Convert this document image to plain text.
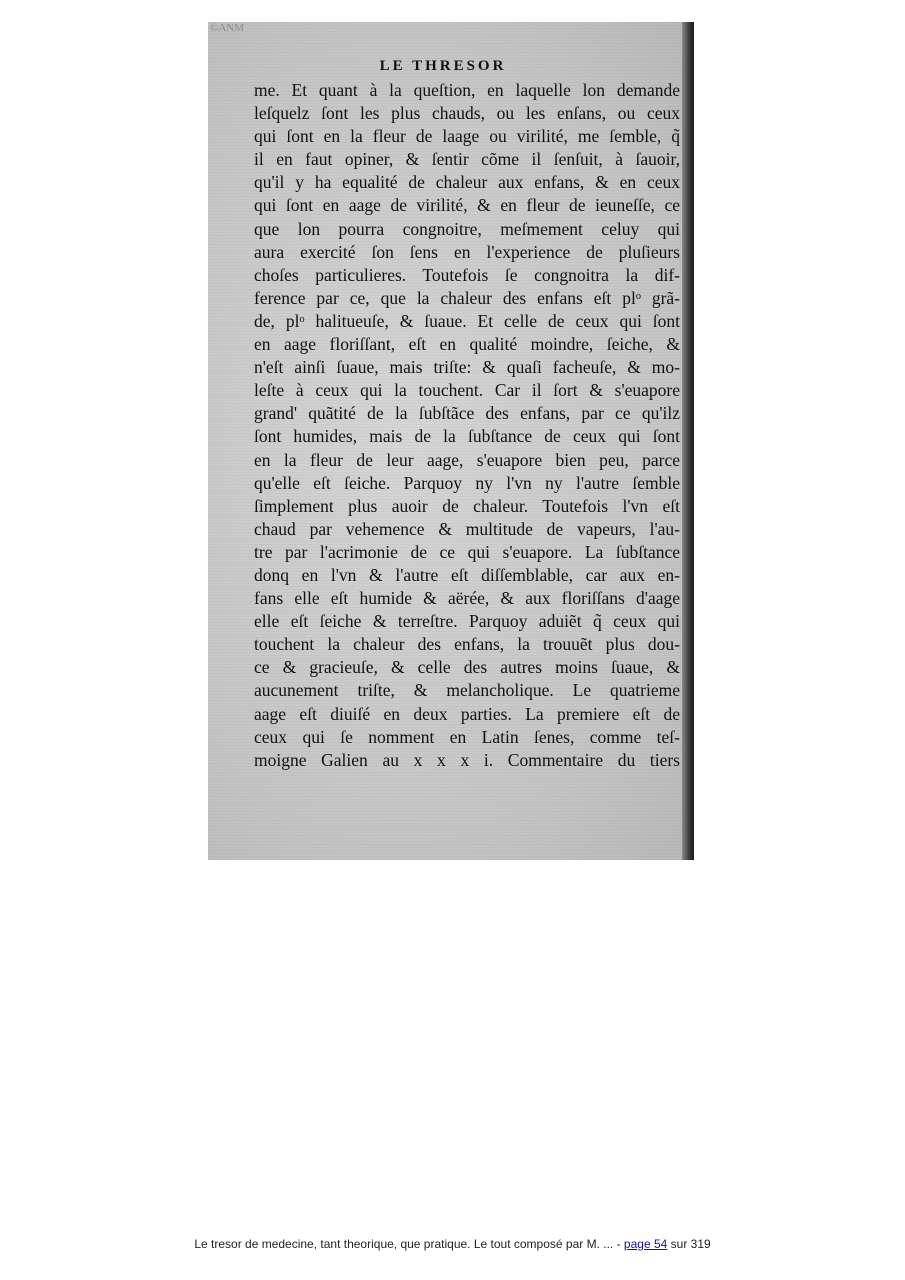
©ANM
LE THRESOR
me. Et quant à la queſtion, en laquelle lon demande
leſquelz ſont les plus chauds, ou les enſans, ou ceux
qui ſont en la fleur de laage ou virilité, me ſemble, q̃
il en faut opiner, & ſentir cõme il ſenſuit, à ſauoir,
qu'il y ha equalité de chaleur aux enfans, & en ceux
qui ſont en aage de virilité, & en fleur de ieuneſſe, ce
que lon pourra congnoitre, meſmement celuy qui
aura exercité ſon ſens en l'experience de pluſieurs
choſes particulieres. Toutefois ſe congnoitra la dif-
ference par ce, que la chaleur des enfans eſt plᵒ grã-
de, plᵒ halitueuſe, & ſuaue. Et celle de ceux qui ſont
en aage floriſſant, eſt en qualité moindre, ſeiche, &
n'eſt ainſi ſuaue, mais triſte: & quaſi facheuſe, & mo-
leſte à ceux qui la touchent. Car il ſort & s'euapore
grand' quãtité de la ſubſtãce des enfans, par ce qu'ilz
ſont humides, mais de la ſubſtance de ceux qui ſont
en la fleur de leur aage, s'euapore bien peu, parce
qu'elle eſt ſeiche. Parquoy ny l'vn ny l'autre ſemble
ſimplement plus auoir de chaleur. Toutefois l'vn eſt
chaud par vehemence & multitude de vapeurs, l'au-
tre par l'acrimonie de ce qui s'euapore. La ſubſtance
donq en l'vn & l'autre eſt diſſemblable, car aux en-
fans elle eſt humide & aërée, & aux floriſſans d'aage
elle eſt ſeiche & terreſtre. Parquoy aduiẽt q̃ ceux qui
touchent la chaleur des enfans, la trouuẽt plus dou-
ce & gracieuſe, & celle des autres moins ſuaue, &
aucunement triſte, & melancholique. Le quatrieme
aage eſt diuiſé en deux parties. La premiere eſt de
ceux qui ſe nomment en Latin ſenes, comme teſ-
moigne Galien au x x x i. Commentaire du tiers
Le tresor de medecine, tant theorique, que pratique. Le tout composé par M. ... - page 54 sur 319
